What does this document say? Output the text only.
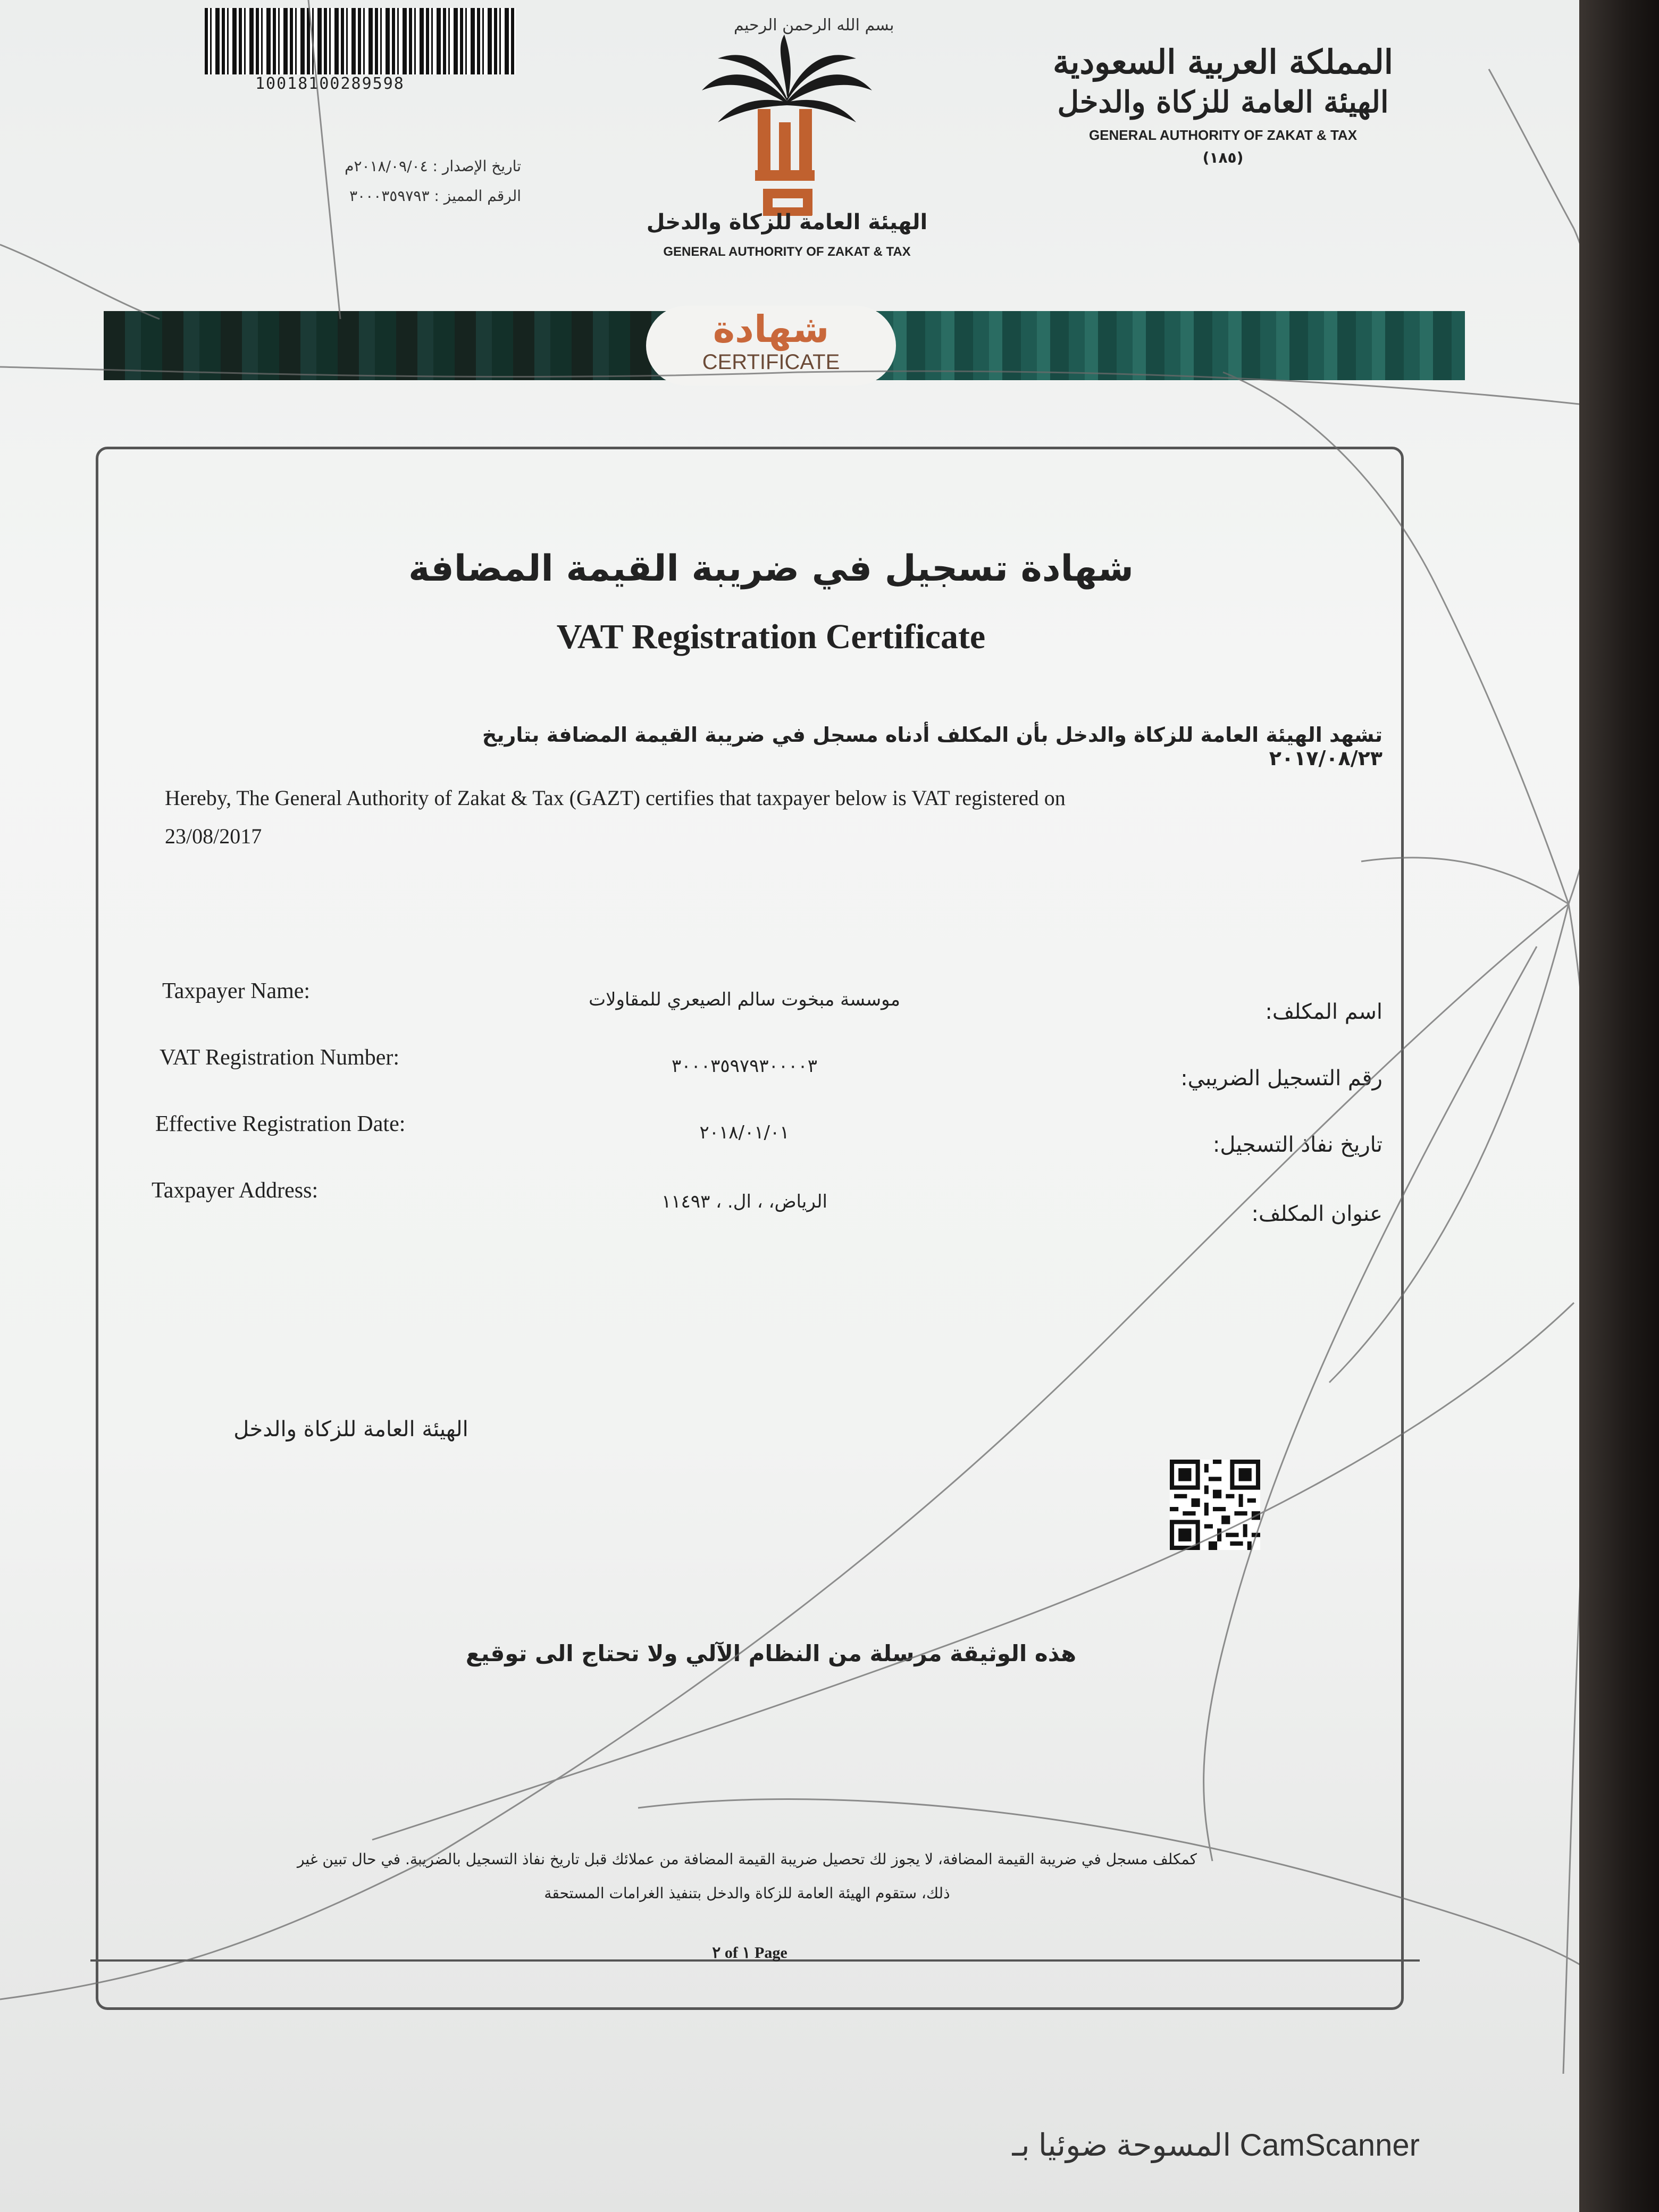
10018100289598
تاريخ الإصدار : ٢٠١٨/٠٩/٠٤م
الرقم المميز : ٣٠٠٠٣٥٩٧٩٣
بسم الله الرحمن الرحيم
الهيئة العامة للزكاة والدخل
GENERAL AUTHORITY OF ZAKAT & TAX
المملكة العربية السعودية
الهيئة العامة للزكاة والدخل
GENERAL AUTHORITY OF ZAKAT & TAX
(١٨٥)
شهادة
CERTIFICATE
شهادة تسجيل في ضريبة القيمة المضافة
VAT Registration Certificate
تشهد الهيئة العامة للزكاة والدخل بأن المكلف أدناه مسجل في ضريبة القيمة المضافة بتاريخ ٢٠١٧/٠٨/٢٣
Hereby, The General Authority of Zakat & Tax (GAZT) certifies that taxpayer below is VAT registered on
23/08/2017
Taxpayer Name:	موسسة مبخوت سالم الصيعري للمقاولات	اسم المكلف:
VAT Registration Number:	٣٠٠٠٣٥٩٧٩٣٠٠٠٠٣	رقم التسجيل الضريبي:
Effective Registration Date:	٢٠١٨/٠١/٠١	تاريخ نفاذ التسجيل:
Taxpayer Address:	الرياض، ، ال. ، ١١٤٩٣	عنوان المكلف:
الهيئة العامة للزكاة والدخل
هذه الوثيقة مرسلة من النظام الآلي ولا تحتاج الى توقيع
كمكلف مسجل في ضريبة القيمة المضافة، لا يجوز لك تحصيل ضريبة القيمة المضافة من عملائك قبل تاريخ نفاذ التسجيل بالضريبة. في حال تبين غير
ذلك، ستقوم الهيئة العامة للزكاة والدخل بتنفيذ الغرامات المستحقة
٢ of ١ Page
المسوحة ضوئيا بـ CamScanner
